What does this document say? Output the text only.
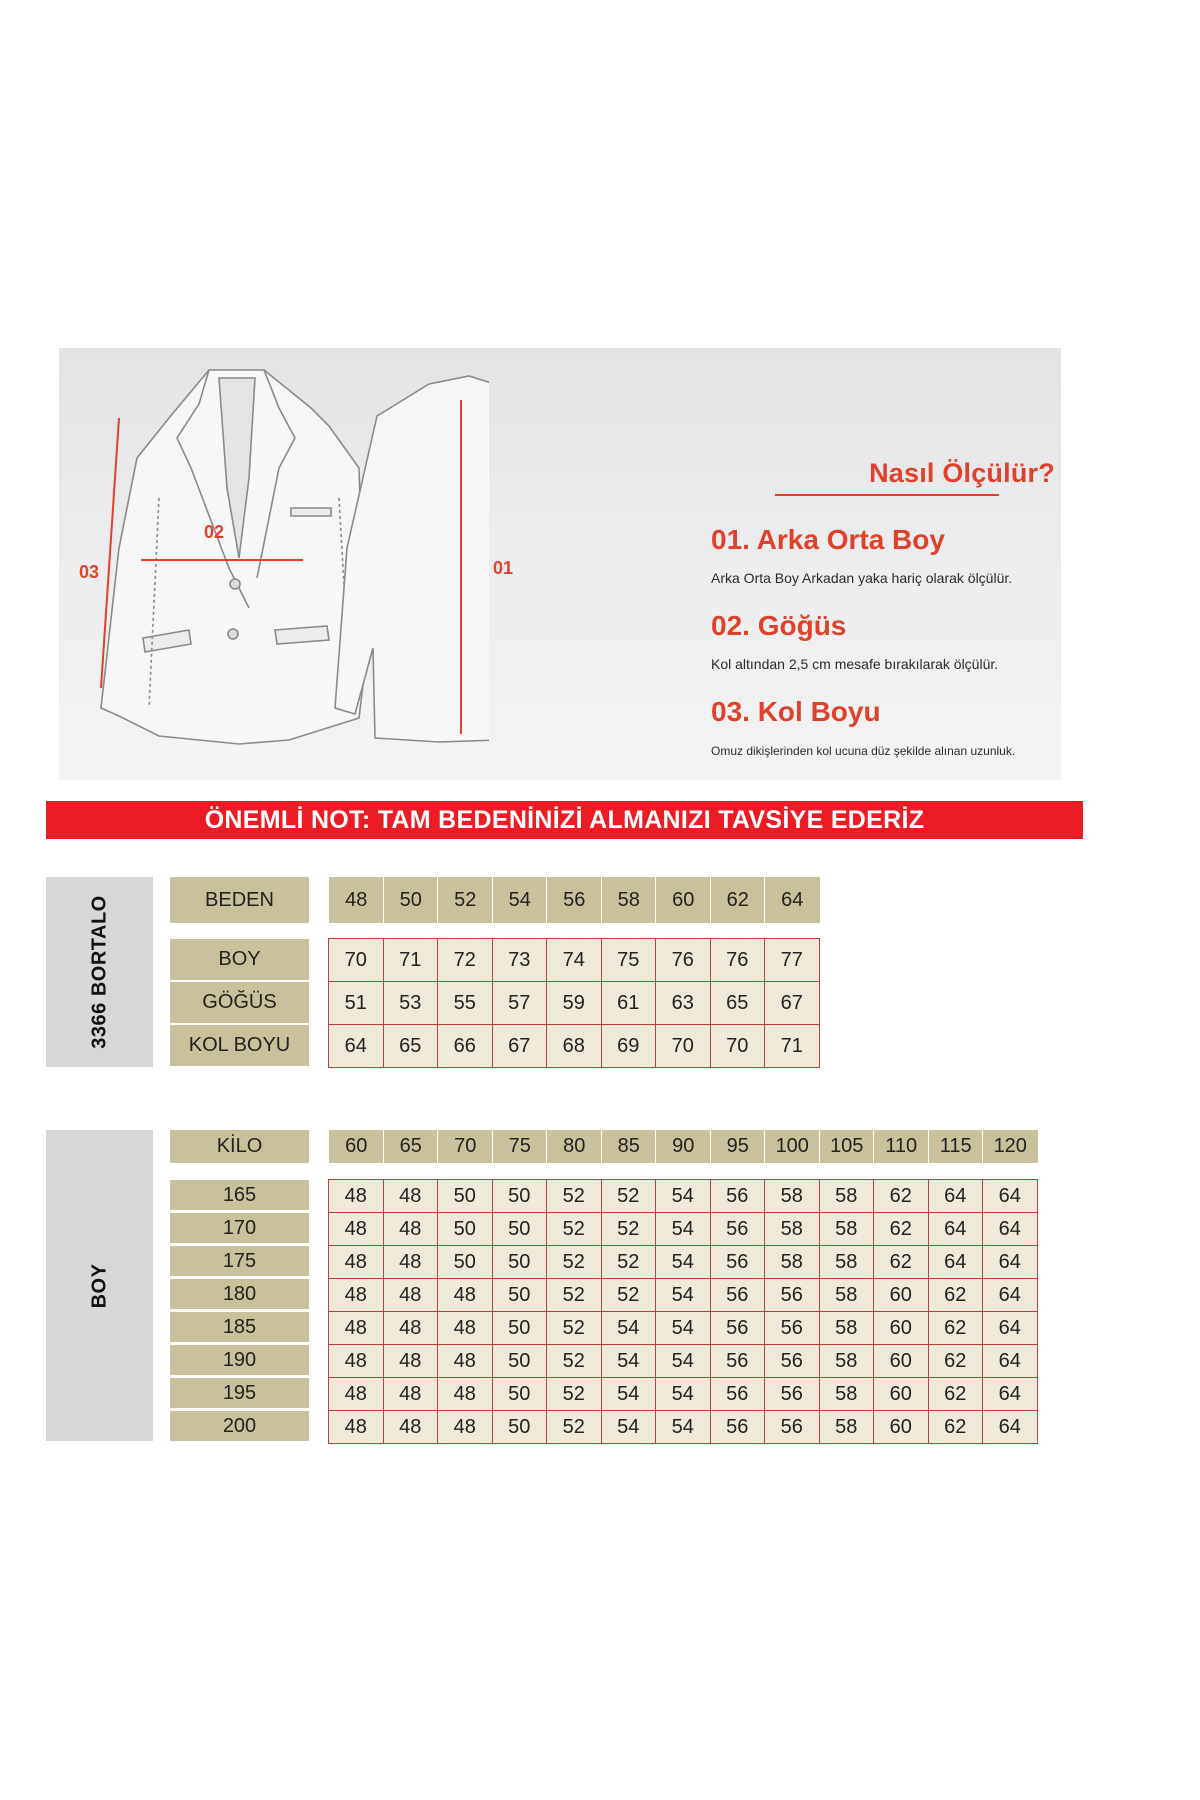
03
02
01
Nasıl Ölçülür?
01. Arka Orta Boy
Arka Orta Boy Arkadan yaka hariç olarak ölçülür.
02. Göğüs
Kol altından 2,5 cm mesafe bırakılarak ölçülür.
03. Kol Boyu
Omuz dikişlerinden kol ucuna düz şekilde alınan uzunluk.
ÖNEMLİ NOT: TAM BEDENİNİZİ ALMANIZI TAVSİYE EDERİZ
3366 BORTALO	BEDEN	48	50	52	54	56	58	60	62	64
BOY	70	71	72	73	74	75	76	76	77
GÖĞÜS	51	53	55	57	59	61	63	65	67
KOL BOYU	64	65	66	67	68	69	70	70	71
BOY
KİLO	60	65	70	75	80	85	90	95	100	105	110	115	120
165	48	48	50	50	52	52	54	56	58	58	62	64	64
170	48	48	50	50	52	52	54	56	58	58	62	64	64
175	48	48	50	50	52	52	54	56	58	58	62	64	64
180	48	48	48	50	52	52	54	56	56	58	60	62	64
185	48	48	48	50	52	54	54	56	56	58	60	62	64
190	48	48	48	50	52	54	54	56	56	58	60	62	64
195	48	48	48	50	52	54	54	56	56	58	60	62	64
200	48	48	48	50	52	54	54	56	56	58	60	62	64
